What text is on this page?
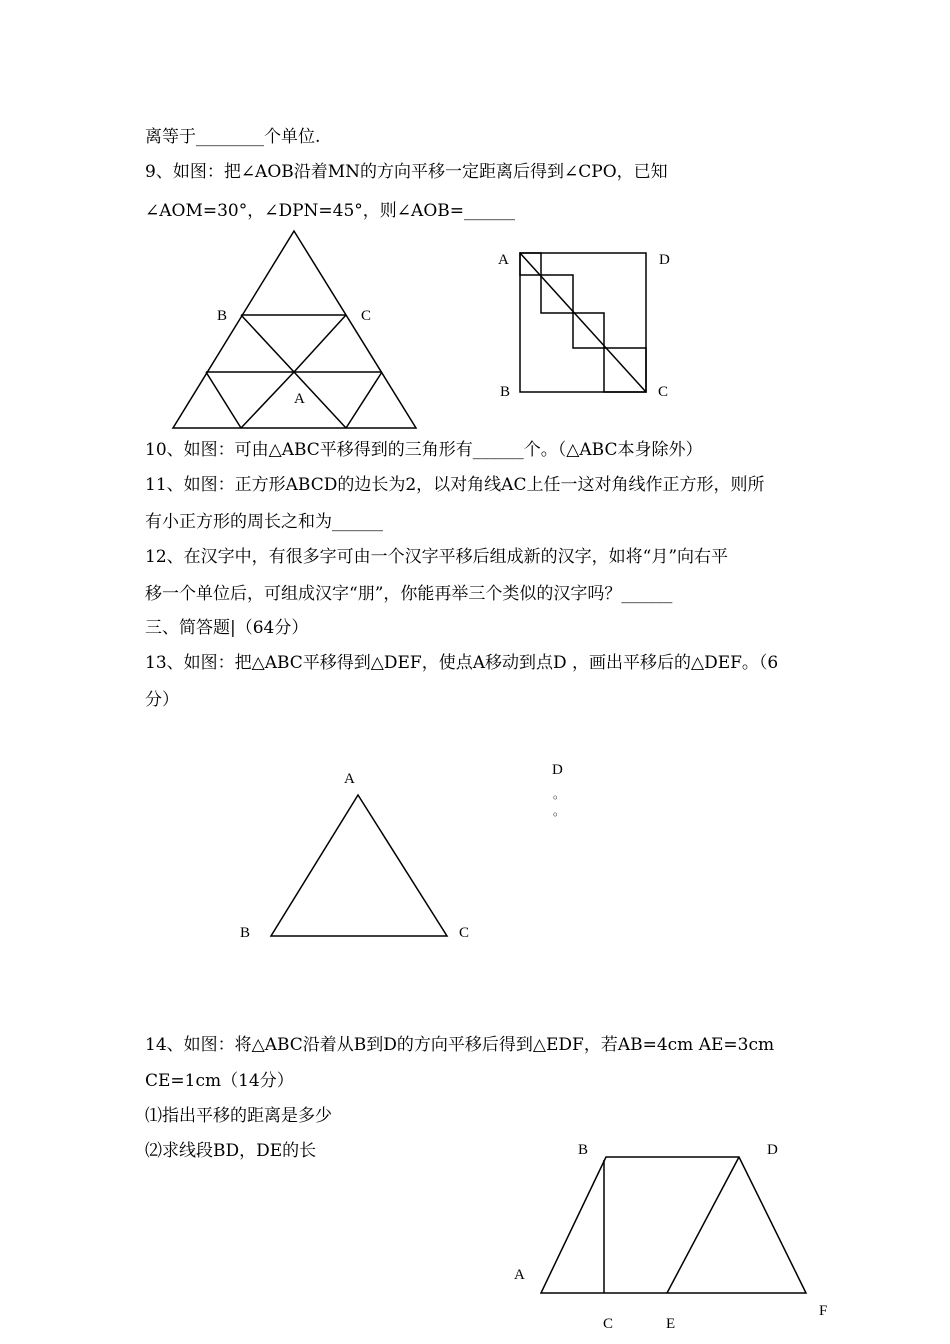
离等于________个单位.
9、如图：把∠AOB沿着MN的方向平移一定距离后得到∠CPO，已知
∠AOM=30°，∠DPN=45°，则∠AOB=______
10、如图：可由△ABC平移得到的三角形有______个。（△ABC本身除外）
11、如图：正方形ABCD的边长为2，以对角线AC上任一这对角线作正方形，则所
有小正方形的周长之和为______
12、在汉字中，有很多字可由一个汉字平移后组成新的汉字，如将“月”向右平
移一个单位后，可组成汉字“朋”，你能再举三个类似的汉字吗？______
三、简答题|（64分）
13、如图：把△ABC平移得到△DEF，使点A移动到点D ，画出平移后的△DEF。（6
分）
14、如图：将△ABC沿着从B到D的方向平移后得到△EDF，若AB=4cm AE=3cm
CE=1cm（14分）
⑴指出平移的距离是多少
⑵求线段BD，DE的长
B	C
A
A	D
B	C
A
B	C
D
。
。
B	D
A
C	E
F
